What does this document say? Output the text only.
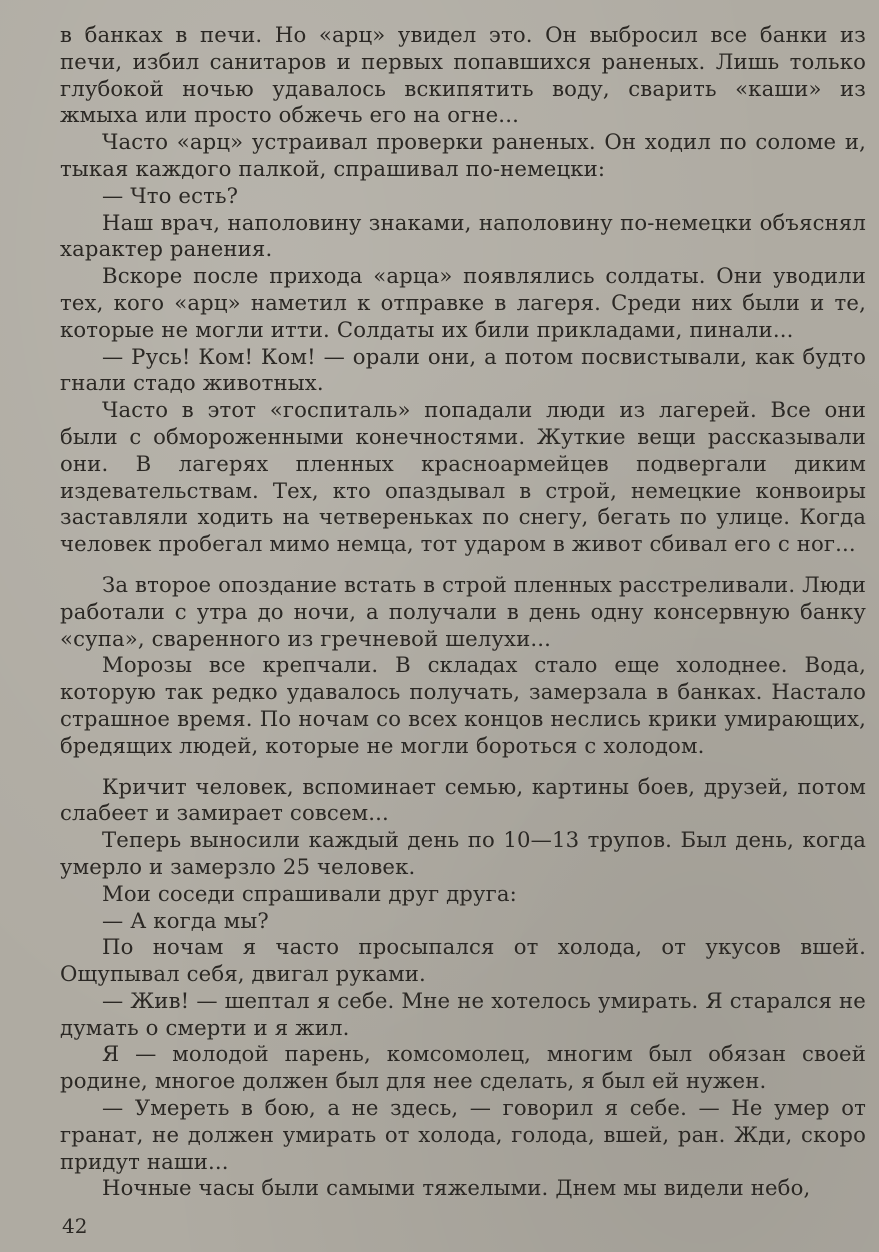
в банках в печи. Но «арц» увидел это. Он выбросил все банки из печи, избил санитаров и первых попавшихся раненых. Лишь только глубокой ночью удавалось вскипятить воду, сварить «каши» из жмыха или просто обжечь его на огне...

Часто «арц» устраивал проверки раненых. Он ходил по соломе и, тыкая каждого палкой, спрашивал по-немецки:

— Что есть?

Наш врач, наполовину знаками, наполовину по-немецки объяснял характер ранения.

Вскоре после прихода «арца» появлялись солдаты. Они уводили тех, кого «арц» наметил к отправке в лагеря. Среди них были и те, которые не могли итти. Солдаты их били прикладами, пинали...

— Русь! Ком! Ком! — орали они, а потом посвистывали, как будто гнали стадо животных.

Часто в этот «госпиталь» попадали люди из лагерей. Все они были с обмороженными конечностями. Жуткие вещи рассказывали они. В лагерях пленных красноармейцев подвергали диким издевательствам. Тех, кто опаздывал в строй, немецкие конвоиры заставляли ходить на четвереньках по снегу, бегать по улице. Когда человек пробегал мимо немца, тот ударом в живот сбивал его с ног...

За второе опоздание встать в строй пленных расстреливали. Люди работали с утра до ночи, а получали в день одну консервную банку «супа», сваренного из гречневой шелухи...

Морозы все крепчали. В складах стало еще холоднее. Вода, которую так редко удавалось получать, замерзала в банках. Настало страшное время. По ночам со всех концов неслись крики умирающих, бредящих людей, которые не могли бороться с холодом.

Кричит человек, вспоминает семью, картины боев, друзей, потом слабеет и замирает совсем...

Теперь выносили каждый день по 10—13 трупов. Был день, когда умерло и замерзло 25 человек.

Мои соседи спрашивали друг друга:

— А когда мы?

По ночам я часто просыпался от холода, от укусов вшей. Ощупывал себя, двигал руками.

— Жив! — шептал я себе. Мне не хотелось умирать. Я старался не думать о смерти и я жил.

Я — молодой парень, комсомолец, многим был обязан своей родине, многое должен был для нее сделать, я был ей нужен.

— Умереть в бою, а не здесь, — говорил я себе. — Не умер от гранат, не должен умирать от холода, голода, вшей, ран. Жди, скоро придут наши...

Ночные часы были самыми тяжелыми. Днем мы видели небо,

42
